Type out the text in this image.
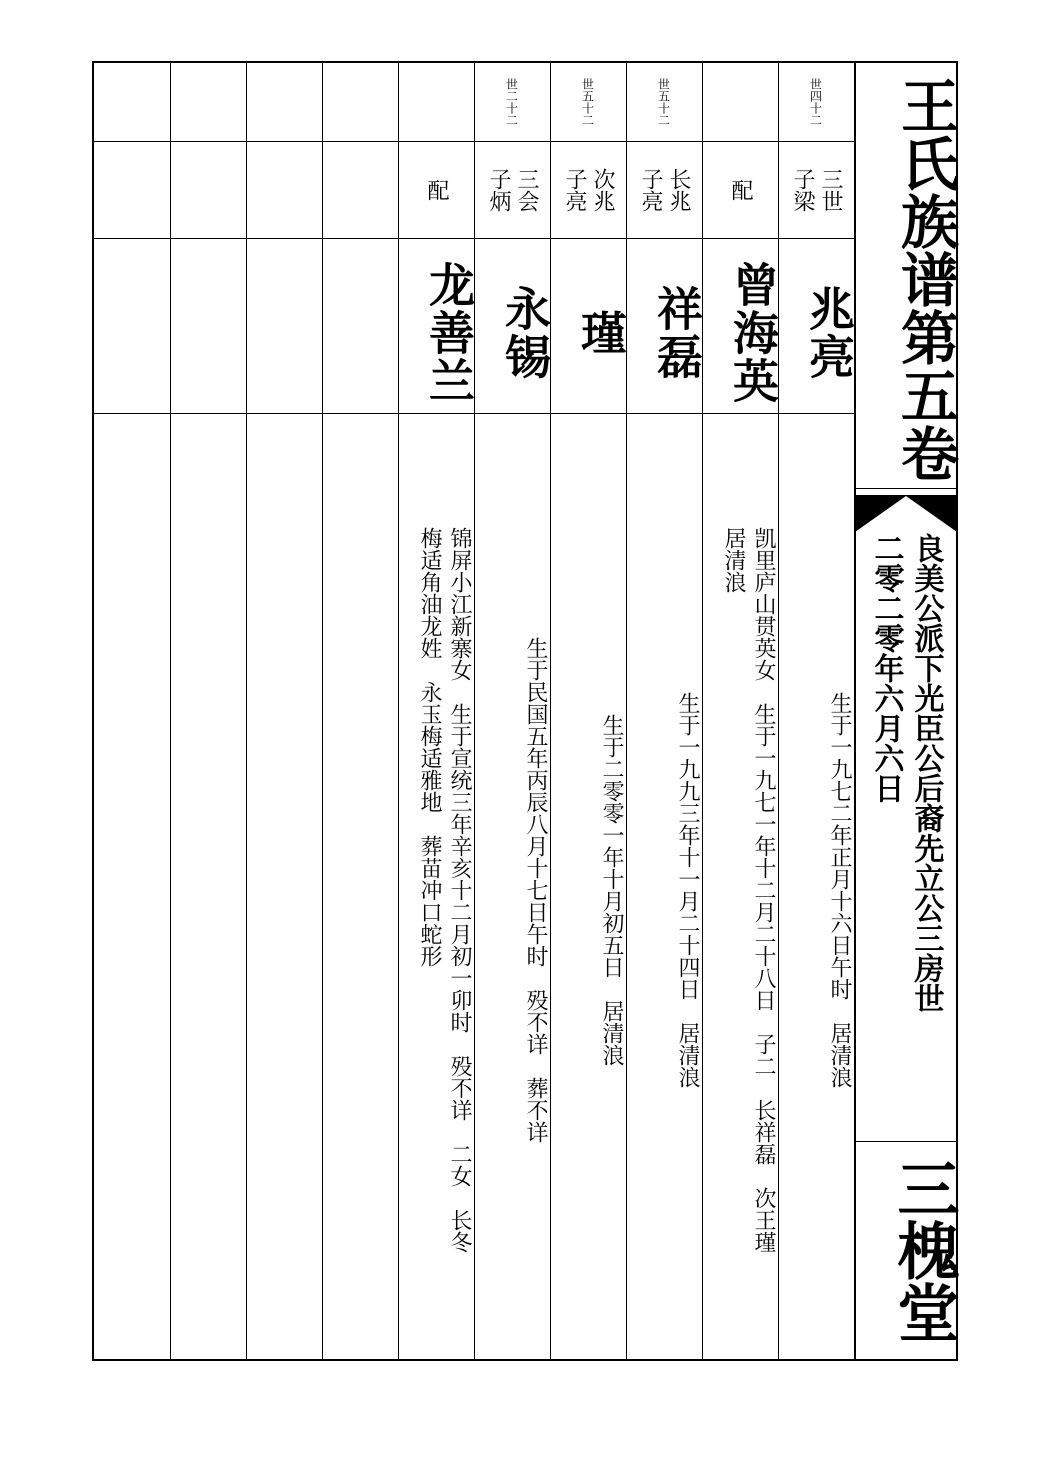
世四十二
三世
子梁
兆亮
生于一九七二年正月十六日午时　居清浪
配
曾海英
凯里庐山贯英女　生于一九七一年十二月二十八日　子二　长祥磊　次王瑾
居清浪
世五十二
长兆
子亮
祥磊
生于一九九三年十一月二十四日　居清浪
世五十二
次兆
子亮
瑾
生于二零零一年十月初五日　居清浪
世二十二
三会
子炳
永锡
生于民国五年丙辰八月十七日午时　殁不详　葬不详
配
龙善兰
锦屏小江新寨女　生于宣统三年辛亥十二月初一卯时　殁不详　二女　长冬
梅适角油龙姓　永玉梅适雅地　葬苗冲口蛇形
王氏族谱第五卷
良美公派下光臣公后裔先立公三房世
二零二零年六月六日
三槐堂
